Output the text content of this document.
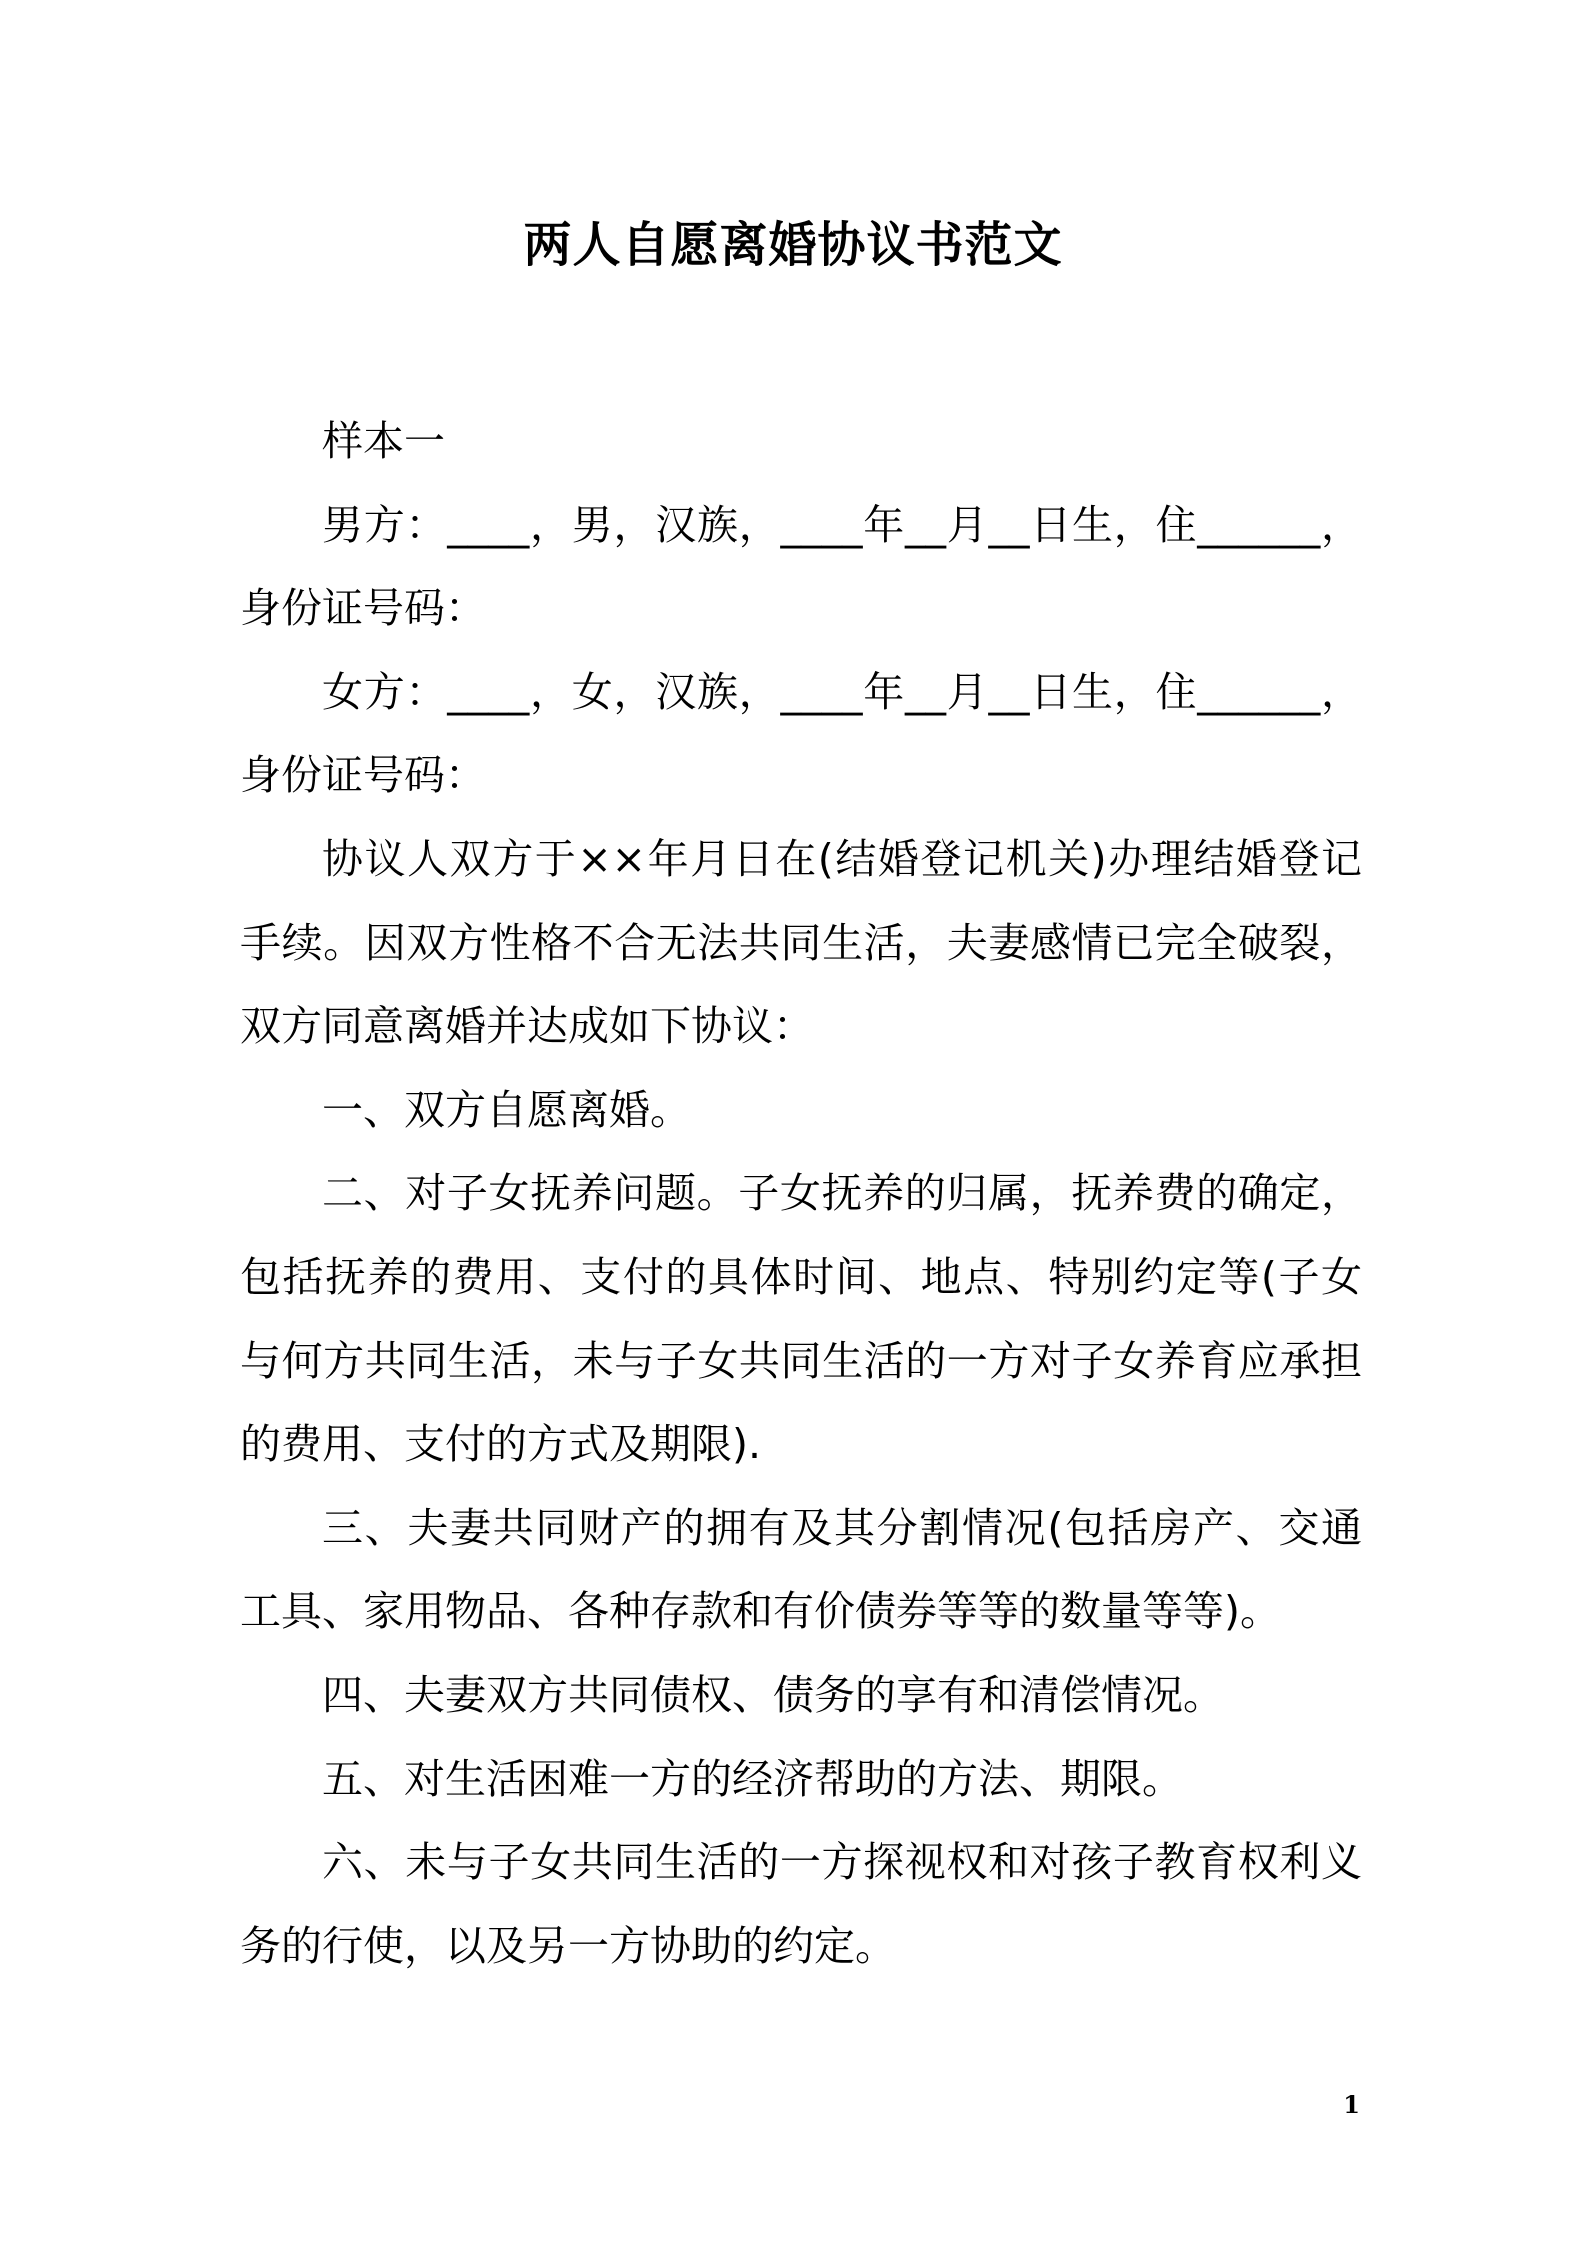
两人自愿离婚协议书范文

样本一

男方：____，男，汉族，____年__月__日生，住______，身份证号码：

女方：____，女，汉族，____年__月__日生，住______，身份证号码：

协议人双方于××年月日在(结婚登记机关)办理结婚登记手续。因双方性格不合无法共同生活，夫妻感情已完全破裂，双方同意离婚并达成如下协议：

一、双方自愿离婚。

二、对子女抚养问题。子女抚养的归属，抚养费的确定，包括抚养的费用、支付的具体时间、地点、特别约定等(子女与何方共同生活，未与子女共同生活的一方对子女养育应承担的费用、支付的方式及期限).

三、夫妻共同财产的拥有及其分割情况(包括房产、交通工具、家用物品、各种存款和有价债券等等的数量等等)。

四、夫妻双方共同债权、债务的享有和清偿情况。

五、对生活困难一方的经济帮助的方法、期限。

六、未与子女共同生活的一方探视权和对孩子教育权利义务的行使，以及另一方协助的约定。

1
